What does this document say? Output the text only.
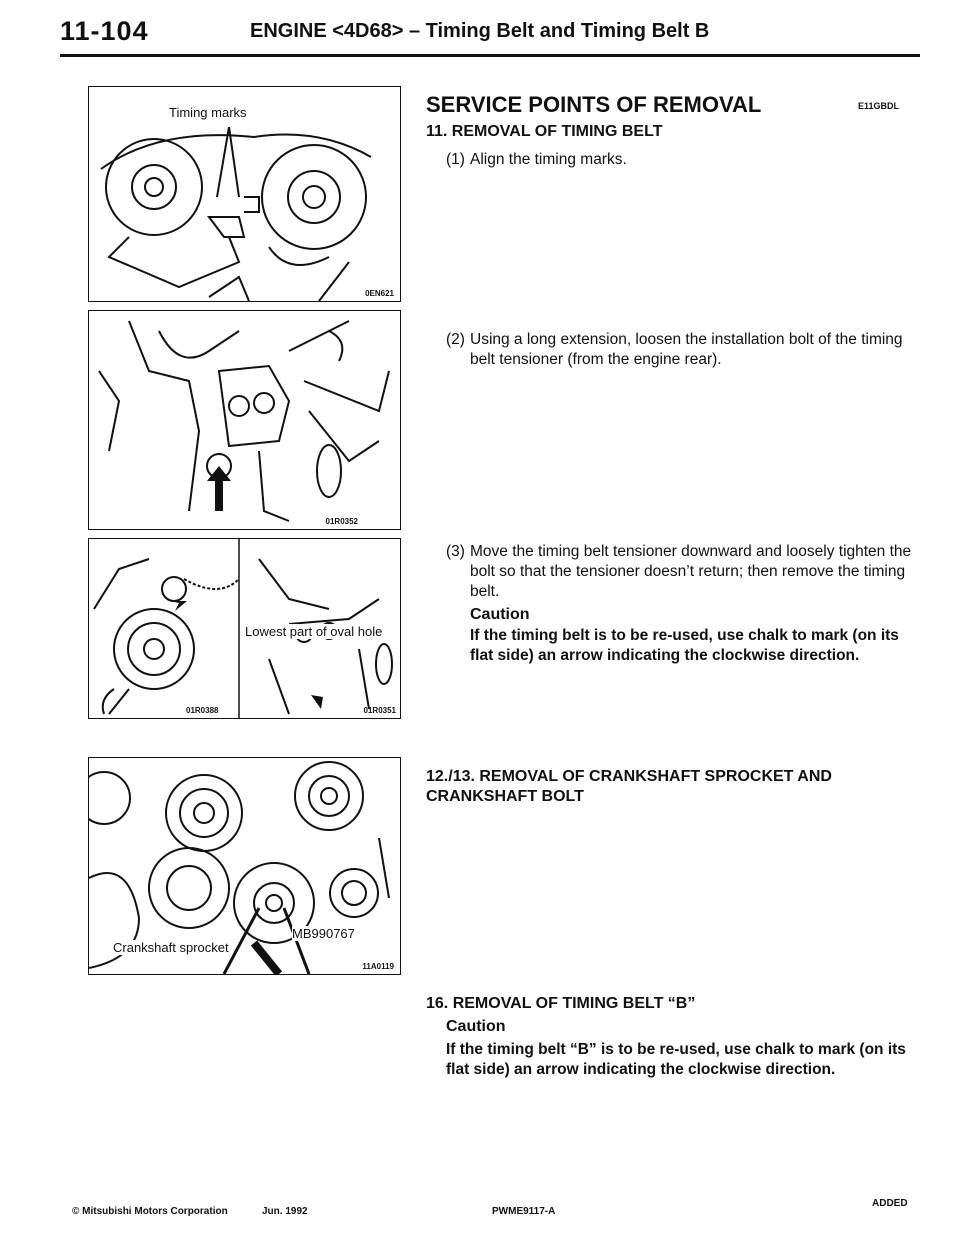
11-104	ENGINE <4D68> – Timing Belt and Timing Belt B
Timing marks
0EN621
01R0352
Lowest part of oval hole
01R0388	01R0351
Crankshaft sprocket
MB990767
11A0119
SERVICE POINTS OF REMOVAL	E11GBDL
11. REMOVAL OF TIMING BELT
(1) Align the timing marks.
(2) Using a long extension, loosen the installation bolt of the timing belt tensioner (from the engine rear).
(3) Move the timing belt tensioner downward and loosely tighten the bolt so that the tensioner doesn’t return; then remove the timing belt.
Caution
If the timing belt is to be re-used, use chalk to mark (on its flat side) an arrow indicating the clockwise direction.
12./13. REMOVAL OF CRANKSHAFT SPROCKET AND CRANKSHAFT BOLT
16. REMOVAL OF TIMING BELT “B”
Caution
If the timing belt “B” is to be re-used, use chalk to mark (on its flat side) an arrow indicating the clockwise direction.
© Mitsubishi Motors Corporation	Jun. 1992	PWME9117-A
ADDED
